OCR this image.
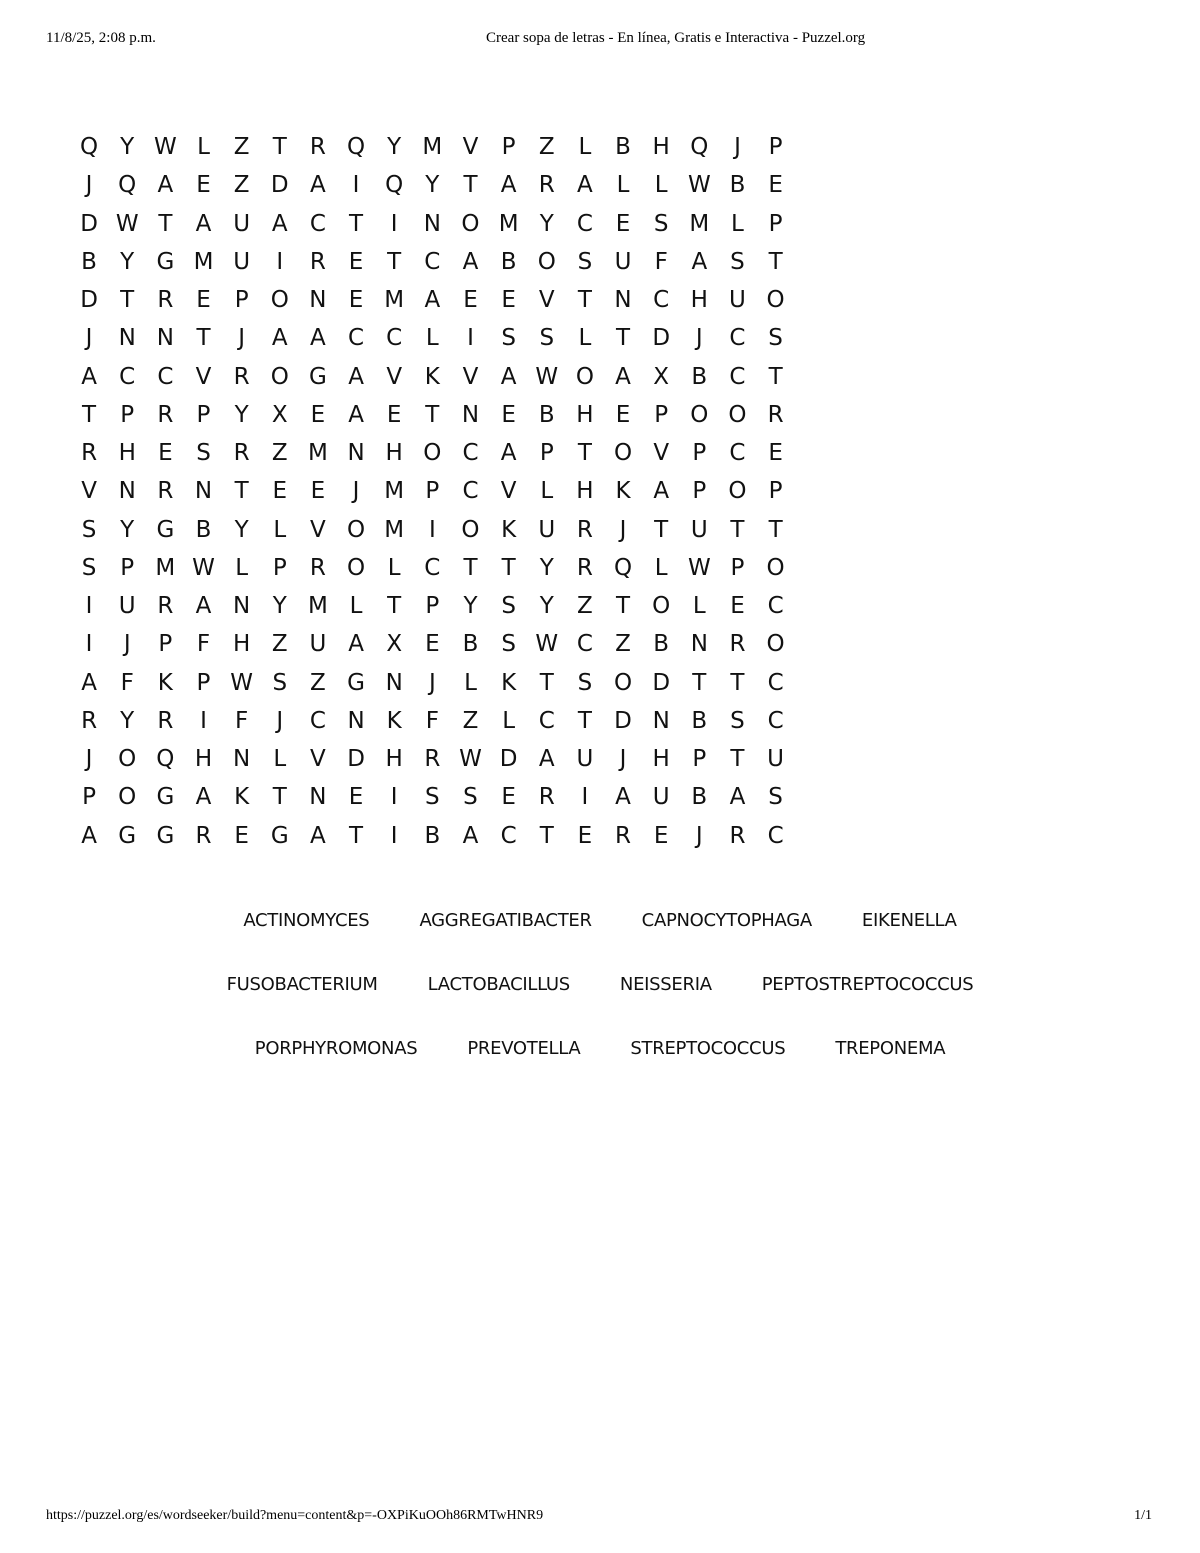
11/8/25, 2:08 p.m.	Crear sopa de letras - En línea, Gratis e Interactiva - Puzzel.org
Q Y W L	Z	T	R Q Y M V	P	Z	L	B H Q	J	P
J	Q A	E Z D A	I	Q Y	T	A R A	L	L W B E
D W T	A U A C	T	I	N O M Y	C E	S M L	P
B	Y G M U	I	R E	T	C A B O S U	F	A S	T
D T	R E	P O N E M A	E	E	V	T N C H U O
J	N N T	J	A A C C	L	I	S	S	L	T D	J	C S
A C C V R O G A V K V A W O A X B C	T
T	P	R	P	Y	X E	A	E	T N E B H E	P O O R
R H E	S R Z M N H O C A	P	T O V	P	C E
V N R N T	E	E	J	M P	C V	L	H K A	P O P
S	Y G B	Y	L	V O M	I	O K U R	J	T U T	T
S	P M W L	P	R O L	C	T	T	Y	R Q L W P O
I	U R A N Y M L	T	P	Y	S	Y	Z	T O L	E C
I	J	P	F H Z U A X E B S W C Z B N R O
A	F	K	P W S Z G N	J	L	K	T	S O D T	T	C
R	Y	R	I	F	J	C N K	F	Z	L	C	T D N B S C
J	O Q H N	L	V D H R W D A U	J	H P	T U
P O G A K	T N E	I	S	S	E R	I	A U B A S
A G G R E G A	T	I	B A C	T	E R E	J	R C
ACTINOMYCES	AGGREGATIBACTER	CAPNOCYTOPHAGA	EIKENELLA
FUSOBACTERIUM	LACTOBACILLUS	NEISSERIA	PEPTOSTREPTOCOCCUS
PORPHYROMONAS	PREVOTELLA	STREPTOCOCCUS	TREPONEMA
https://puzzel.org/es/wordseeker/build?menu=content&p=-OXPiKuOOh86RMTwHNR9	1/1
